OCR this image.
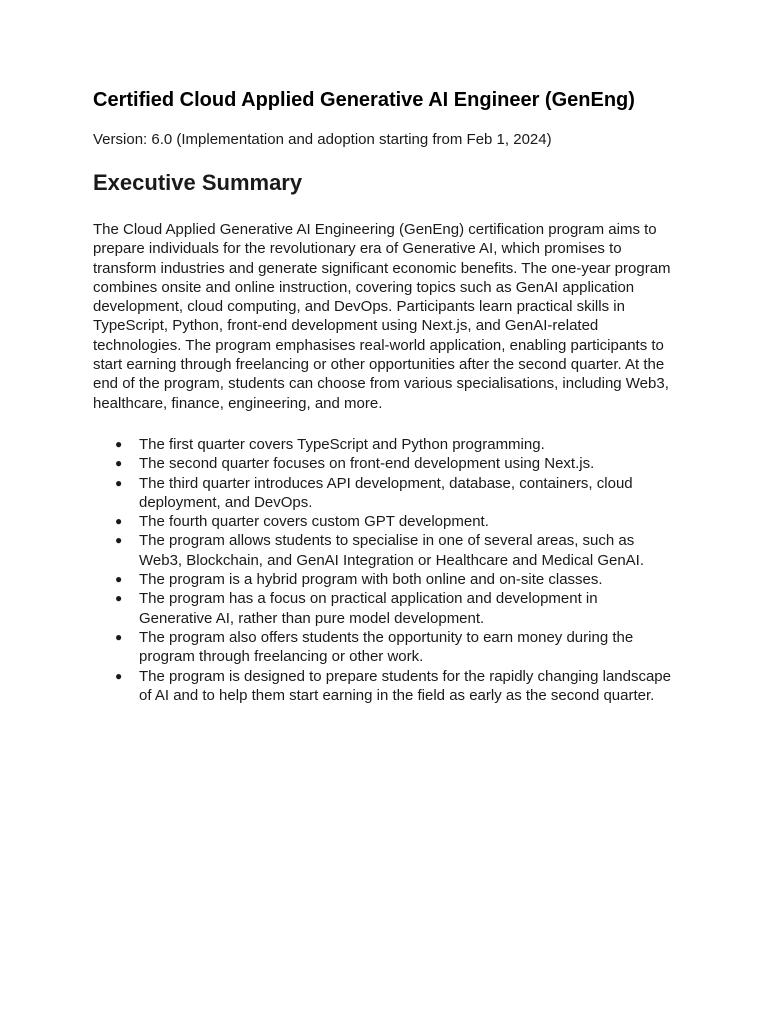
Certified Cloud Applied Generative AI Engineer (GenEng)

Version: 6.0 (Implementation and adoption starting from Feb 1, 2024)

Executive Summary

The Cloud Applied Generative AI Engineering (GenEng) certification program aims to prepare individuals for the revolutionary era of Generative AI, which promises to transform industries and generate significant economic benefits. The one-year program combines onsite and online instruction, covering topics such as GenAI application development, cloud computing, and DevOps. Participants learn practical skills in TypeScript, Python, front-end development using Next.js, and GenAI-related technologies. The program emphasises real-world application, enabling participants to start earning through freelancing or other opportunities after the second quarter. At the end of the program, students can choose from various specialisations, including Web3, healthcare, finance, engineering, and more.

● The first quarter covers TypeScript and Python programming.
● The second quarter focuses on front-end development using Next.js.
● The third quarter introduces API development, database, containers, cloud deployment, and DevOps.
● The fourth quarter covers custom GPT development.
● The program allows students to specialise in one of several areas, such as Web3, Blockchain, and GenAI Integration or Healthcare and Medical GenAI.
● The program is a hybrid program with both online and on-site classes.
● The program has a focus on practical application and development in Generative AI, rather than pure model development.
● The program also offers students the opportunity to earn money during the program through freelancing or other work.
● The program is designed to prepare students for the rapidly changing landscape of AI and to help them start earning in the field as early as the second quarter.
